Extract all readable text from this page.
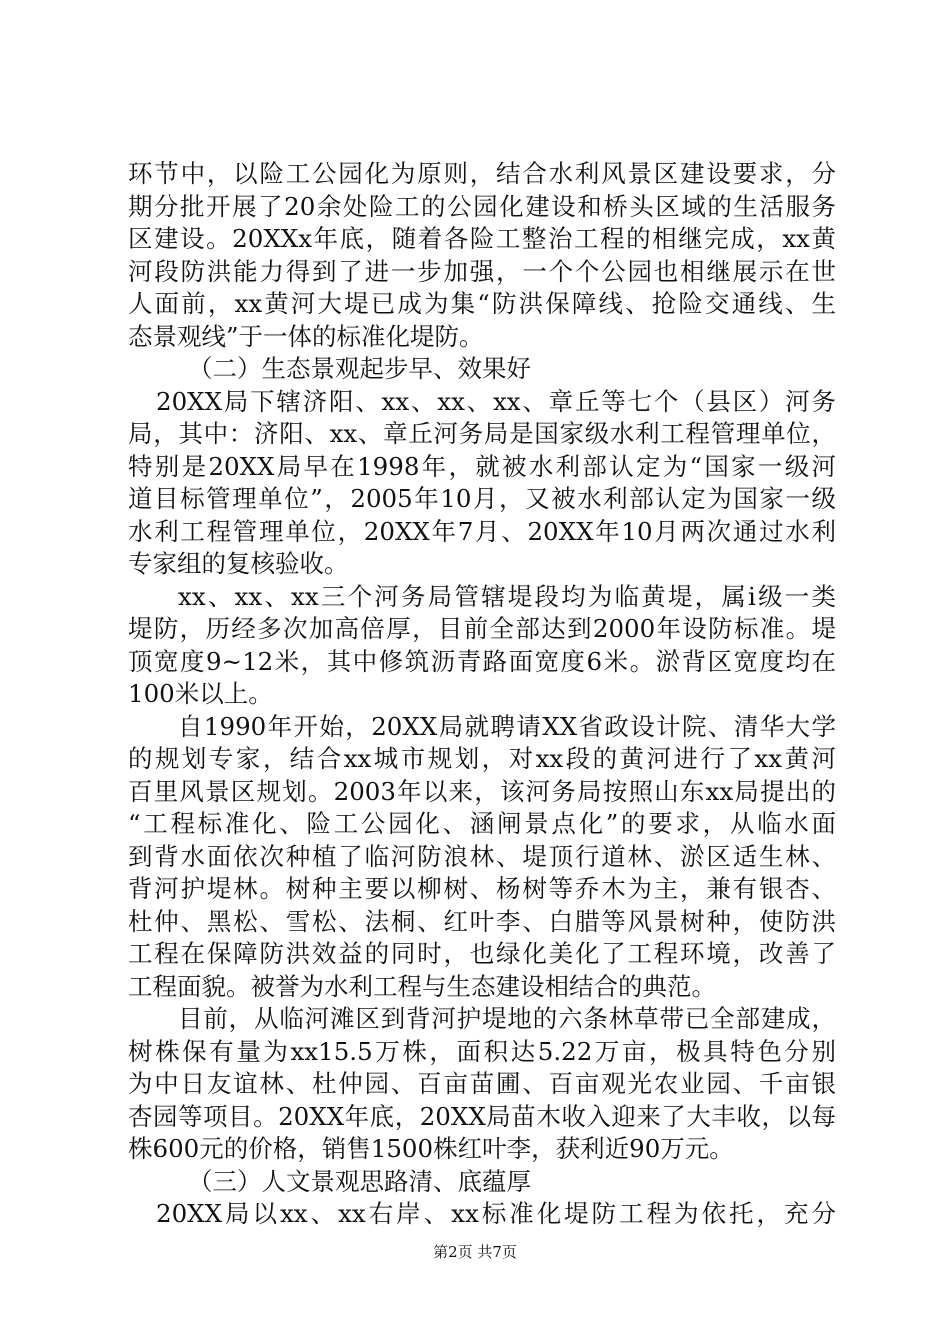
环节中，以险工公园化为原则，结合水利风景区建设要求，分
期分批开展了20余处险工的公园化建设和桥头区域的生活服务
区建设。20XXx年底，随着各险工整治工程的相继完成，xx黄
河段防洪能力得到了进一步加强，一个个公园也相继展示在世
人面前，xx黄河大堤已成为集“防洪保障线、抢险交通线、生
态景观线”于一体的标准化堤防。
（二）生态景观起步早、效果好
20XX局下辖济阳、xx、xx、xx、章丘等七个（县区）河务
局，其中：济阳、xx、章丘河务局是国家级水利工程管理单位，
特别是20XX局早在1998年，就被水利部认定为“国家一级河
道目标管理单位”，2005年10月，又被水利部认定为国家一级
水利工程管理单位，20XX年7月、20XX年10月两次通过水利
专家组的复核验收。
xx、xx、xx三个河务局管辖堤段均为临黄堤，属ⅰ级一类
堤防，历经多次加高倍厚，目前全部达到2000年设防标准。堤
顶宽度9~12米，其中修筑沥青路面宽度6米。淤背区宽度均在
100米以上。
自1990年开始，20XX局就聘请XX省政设计院、清华大学
的规划专家，结合xx城市规划，对xx段的黄河进行了xx黄河
百里风景区规划。2003年以来，该河务局按照山东xx局提出的
“工程标准化、险工公园化、涵闸景点化”的要求，从临水面
到背水面依次种植了临河防浪林、堤顶行道林、淤区适生林、
背河护堤林。树种主要以柳树、杨树等乔木为主，兼有银杏、
杜仲、黑松、雪松、法桐、红叶李、白腊等风景树种，使防洪
工程在保障防洪效益的同时，也绿化美化了工程环境，改善了
工程面貌。被誉为水利工程与生态建设相结合的典范。
目前，从临河滩区到背河护堤地的六条林草带已全部建成，
树株保有量为xx15.5万株，面积达5.22万亩，极具特色分别
为中日友谊林、杜仲园、百亩苗圃、百亩观光农业园、千亩银
杏园等项目。20XX年底，20XX局苗木收入迎来了大丰收，以每
株600元的价格，销售1500株红叶李，获利近90万元。
（三）人文景观思路清、底蕴厚
20XX局以xx、xx右岸、xx标准化堤防工程为依托，充分
第2页 共7页
